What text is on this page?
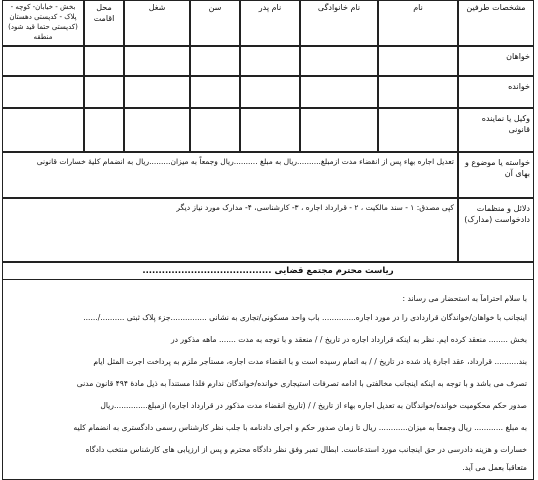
مشخصات طرفین
نام
نام خانوادگی
نام پدر
سن
شغل
محل اقامت
بخش - خیابان- کوچه - پلاک - کدپستی دهستان (کدپستی حتما قید شود) منطقه
خواهان
خوانده
وکیل یا نماینده قانونی
خواسته یا موضوع و بهای آن
تعدیل اجاره بهاء پس از انقضاء مدت ازمبلغ..........ریال به مبلغ ..........ریال وجمعاً به میزان.........ریال به انضمام کلیهٔ خسارات قانونی
دلائل و منظمات دادخواست (مدارک)
کپی مصدق: ۱ - سند مالکیت ، ۲ - قرارداد اجاره ، ۳- کارشناسی، ۴- مدارک مورد نیاز دیگر
ریاست محترم مجتمع قضایی ........................................
با سلام احتراماً به استحضار می رساند :
اینجانب با خواهان/خواندگان قراردادی را در مورد اجاره.............. باب واحد مسکونی/تجاری به نشانی ...............جزء پلاک ثبتی ........../......
بخش ........ منعقد کرده ایم. نظر به اینکه قرارداد اجاره در تاریخ / / منعقد و با توجه به مدت ....... ماهه مذکور در
بند.......... قرارداد، عقد اجارهٔ یاد شده در تاریخ / / به اتمام رسیده است و با انقضاء مدت اجاره، مستأجر ملزم به پرداخت اجرت المثل ایام
تصرف می باشد و با توجه به اینکه اینجانب مخالفتی با ادامه تصرفات استیجاری خوانده/خواندگان ندارم فلذا مستنداً به ذیل مادهٔ ۴۹۴ قانون مدنی
صدور حکم محکومیت خوانده/خواندگان به تعدیل اجاره بهاء از تاریخ / / (تاریخ انقضاء مدت مذکور در قرارداد اجاره) ازمبلغ..............ریال
به مبلغ ............ ریال وجمعاً به میزان............ ریال تا زمان صدور حکم و اجرای دادنامه با جلب نظر کارشناس رسمی دادگستری به انضمام کلیه
خسارات و هزینه دادرسی در حق اینجانب مورد استدعاست. ابطال تمبر وفق نظر دادگاه محترم و پس از ارزیابی های کارشناس منتخب دادگاه
متعاقباً بعمل می آید.
